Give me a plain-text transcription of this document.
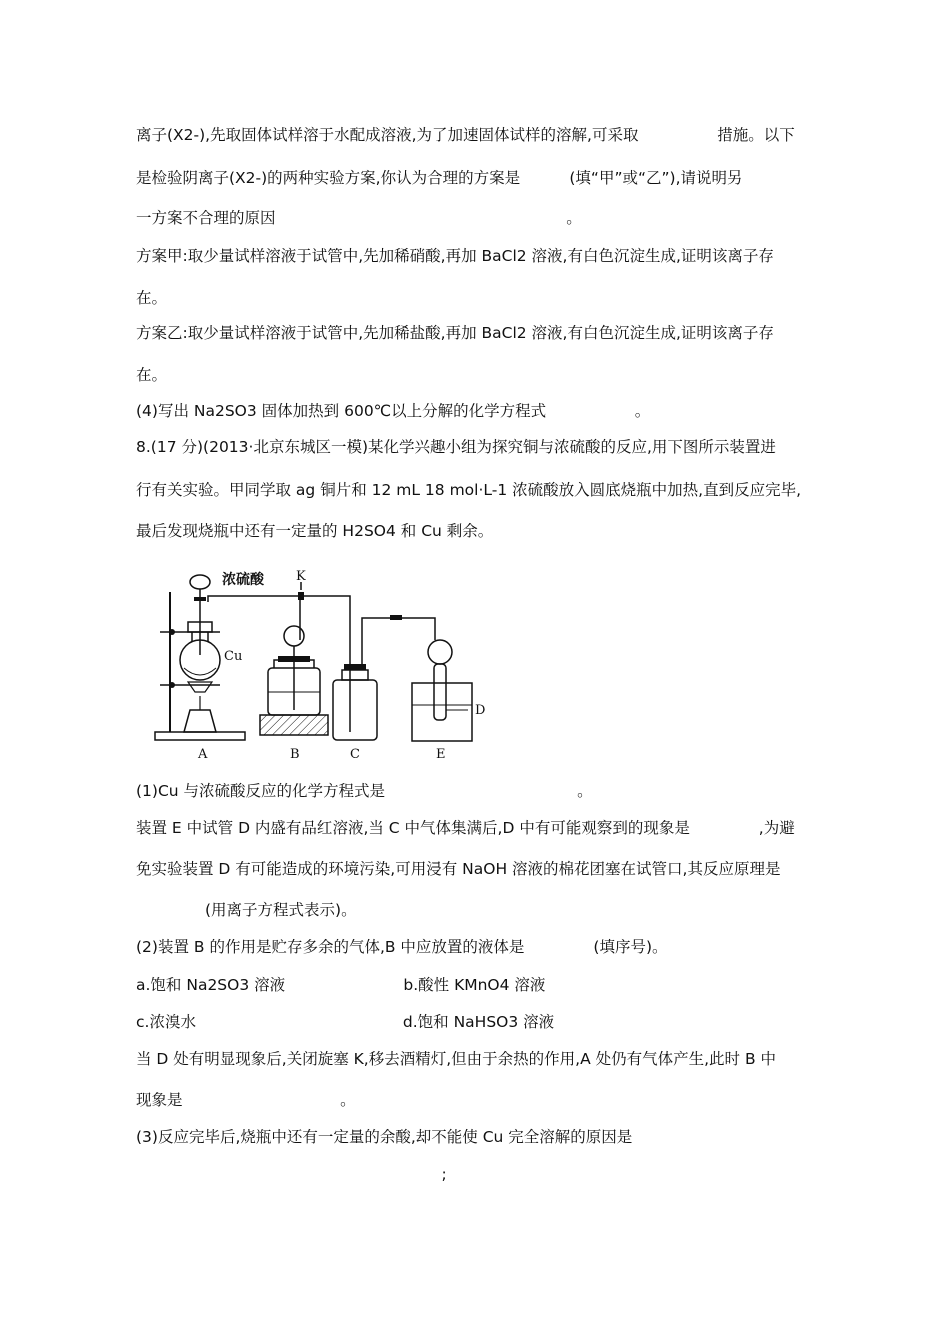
离子(X2-),先取固体试样溶于水配成溶液,为了加速固体试样的溶解,可采取                措施。以下
是检验阴离子(X2-)的两种实验方案,你认为合理的方案是          (填“甲”或“乙”),请说明另
一方案不合理的原因                                                           。
方案甲:取少量试样溶液于试管中,先加稀硝酸,再加 BaCl2 溶液,有白色沉淀生成,证明该离子存
在。
方案乙:取少量试样溶液于试管中,先加稀盐酸,再加 BaCl2 溶液,有白色沉淀生成,证明该离子存
在。
(4)写出 Na2SO3 固体加热到 600℃以上分解的化学方程式                  。
8.(17 分)(2013·北京东城区一模)某化学兴趣小组为探究铜与浓硫酸的反应,用下图所示装置进
行有关实验。甲同学取 ag 铜片和 12 mL 18 mol·L-1 浓硫酸放入圆底烧瓶中加热,直到反应完毕,
最后发现烧瓶中还有一定量的 H2SO4 和 Cu 剩余。
浓硫酸 K
Cu
D
A	B	C	E
(1)Cu 与浓硫酸反应的化学方程式是                                       。
装置 E 中试管 D 内盛有品红溶液,当 C 中气体集满后,D 中有可能观察到的现象是              ,为避
免实验装置 D 有可能造成的环境污染,可用浸有 NaOH 溶液的棉花团塞在试管口,其反应原理是
(用离子方程式表示)。
(2)装置 B 的作用是贮存多余的气体,B 中应放置的液体是              (填序号)。
a.饱和 Na2SO3 溶液                        b.酸性 KMnO4 溶液
c.浓溴水                                          d.饱和 NaHSO3 溶液
当 D 处有明显现象后,关闭旋塞 K,移去酒精灯,但由于余热的作用,A 处仍有气体产生,此时 B 中
现象是                                。
(3)反应完毕后,烧瓶中还有一定量的余酸,却不能使 Cu 完全溶解的原因是
;
